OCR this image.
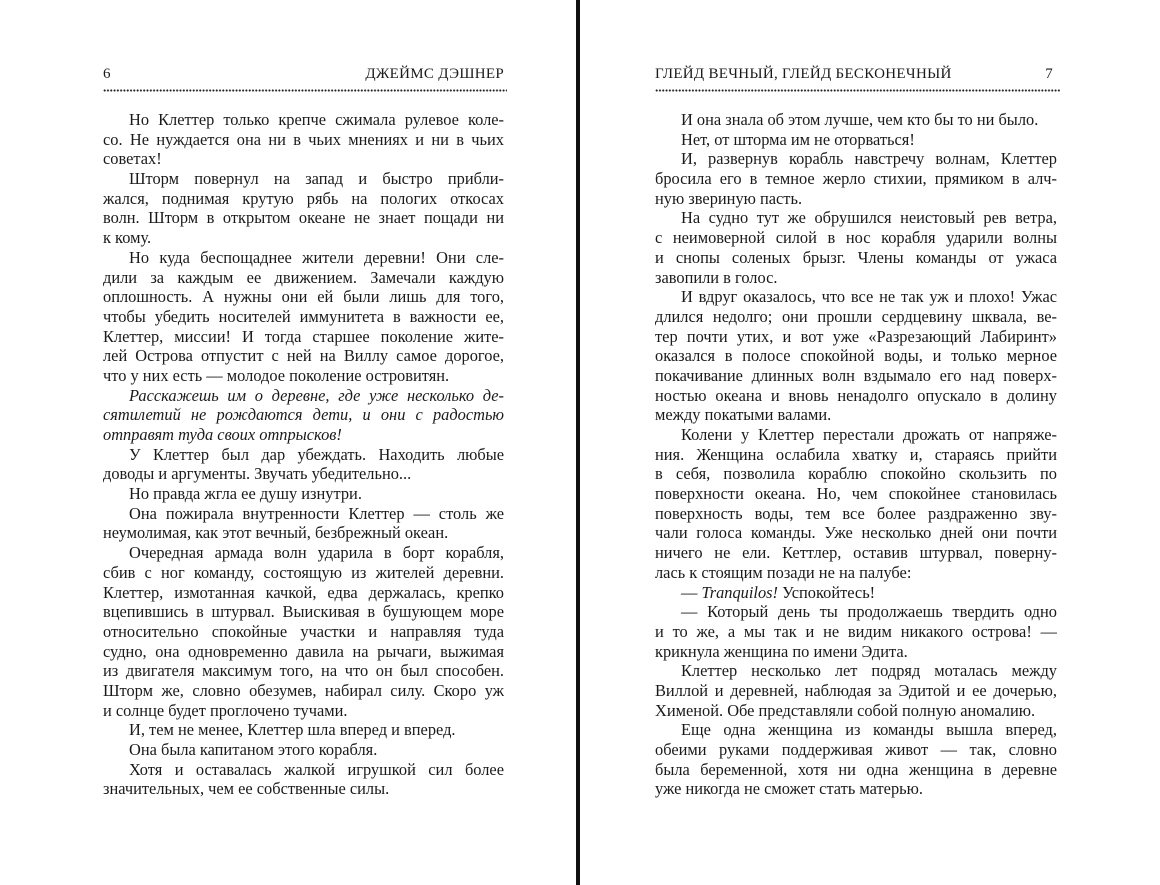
6	ДЖЕЙМС ДЭШНЕР
Но Клеттер только крепче сжимала рулевое коле-
со. Не нуждается она ни в чьих мнениях и ни в чьих
советах!
Шторм повернул на запад и быстро прибли-
жался, поднимая крутую рябь на пологих откосах
волн. Шторм в открытом океане не знает пощади ни
к кому.
Но куда беспощаднее жители деревни! Они сле-
дили за каждым ее движением. Замечали каждую
оплошность. А нужны они ей были лишь для того,
чтобы убедить носителей иммунитета в важности ее,
Клеттер, миссии! И тогда старшее поколение жите-
лей Острова отпустит с ней на Виллу самое дорогое,
что у них есть — молодое поколение островитян.
Расскажешь им о деревне, где уже несколько де-
сятилетий не рождаются дети, и они с радостью
отправят туда своих отпрысков!
У Клеттер был дар убеждать. Находить любые
доводы и аргументы. Звучать убедительно...
Но правда жгла ее душу изнутри.
Она пожирала внутренности Клеттер — столь же
неумолимая, как этот вечный, безбрежный океан.
Очередная армада волн ударила в борт корабля,
сбив с ног команду, состоящую из жителей деревни.
Клеттер, измотанная качкой, едва держалась, крепко
вцепившись в штурвал. Выискивая в бушующем море
относительно спокойные участки и направляя туда
судно, она одновременно давила на рычаги, выжимая
из двигателя максимум того, на что он был способен.
Шторм же, словно обезумев, набирал силу. Скоро уж
и солнце будет проглочено тучами.
И, тем не менее, Клеттер шла вперед и вперед.
Она была капитаном этого корабля.
Хотя и оставалась жалкой игрушкой сил более
значительных, чем ее собственные силы.
ГЛЕЙД ВЕЧНЫЙ, ГЛЕЙД БЕСКОНЕЧНЫЙ	7
И она знала об этом лучше, чем кто бы то ни было.
Нет, от шторма им не оторваться!
И, развернув корабль навстречу волнам, Клеттер
бросила его в темное жерло стихии, прямиком в алч-
ную звериную пасть.
На судно тут же обрушился неистовый рев ветра,
с неимоверной силой в нос корабля ударили волны
и снопы соленых брызг. Члены команды от ужаса
завопили в голос.
И вдруг оказалось, что все не так уж и плохо! Ужас
длился недолго; они прошли сердцевину шквала, ве-
тер почти утих, и вот уже «Разрезающий Лабиринт»
оказался в полосе спокойной воды, и только мерное
покачивание длинных волн вздымало его над поверх-
ностью океана и вновь ненадолго опускало в долину
между покатыми валами.
Колени у Клеттер перестали дрожать от напряже-
ния. Женщина ослабила хватку и, стараясь прийти
в себя, позволила кораблю спокойно скользить по
поверхности океана. Но, чем спокойнее становилась
поверхность воды, тем все более раздраженно зву-
чали голоса команды. Уже несколько дней они почти
ничего не ели. Кеттлер, оставив штурвал, поверну-
лась к стоящим позади не на палубе:
— Tranquilos! Успокойтесь!
— Который день ты продолжаешь твердить одно
и то же, а мы так и не видим никакого острова! —
крикнула женщина по имени Эдита.
Клеттер несколько лет подряд моталась между
Виллой и деревней, наблюдая за Эдитой и ее дочерью,
Хименой. Обе представляли собой полную аномалию.
Еще одна женщина из команды вышла вперед,
обеими руками поддерживая живот — так, словно
была беременной, хотя ни одна женщина в деревне
уже никогда не сможет стать матерью.
